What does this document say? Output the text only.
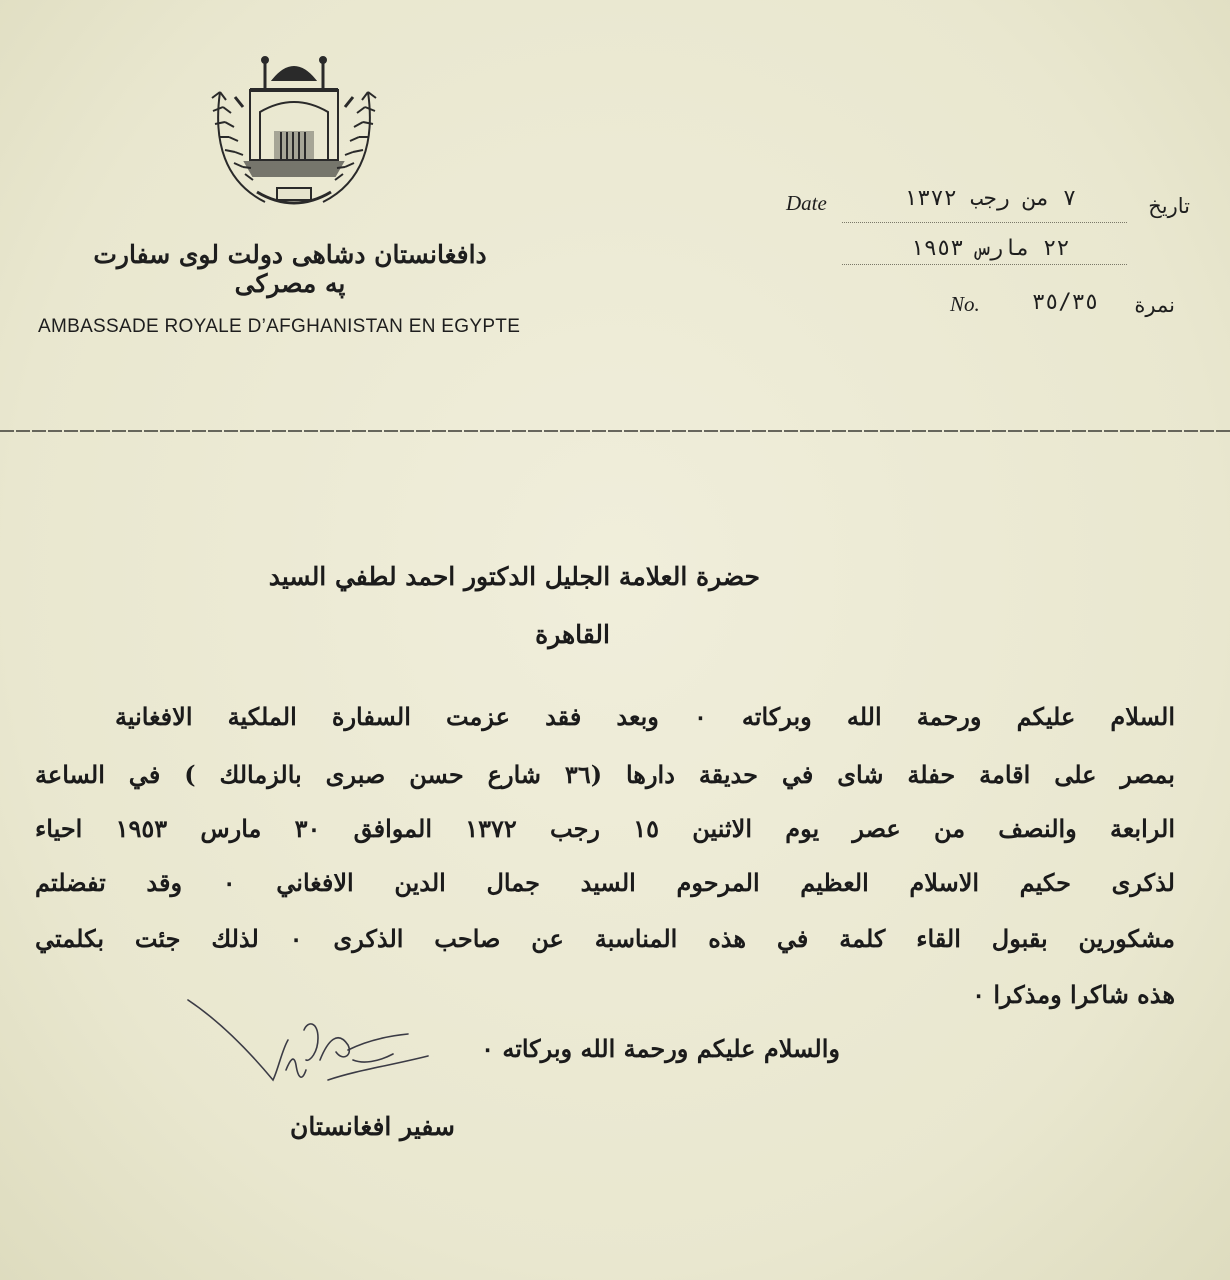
دافغانستان دشاهی دولت لوی سفارت په مصرکی
AMBASSADE ROYALE D’AFGHANISTAN EN EGYPTE
Date	تاريخ
٧ من رجب ١٣٧٢
٢٢ مارس ١٩٥٣
No.	نمرة
٣٥/٣٥
حضرة العلامة الجليل الدكتور احمد لطفي السيد
القاهرة
السلام عليكم ورحمة الله وبركاته ٠ وبعد فقد عزمت السفارة الملكية الافغانية
بمصر على اقامة حفلة شاى في حديقة دارها (٣٦ شارع حسن صبرى بالزمالك ) في الساعة
الرابعة والنصف من عصر يوم الاثنين ١٥ رجب ١٣٧٢ الموافق ٣٠ مارس ١٩٥٣ احياء
لذكرى حكيم الاسلام العظيم المرحوم السيد جمال الدين الافغاني ٠ وقد تفضلتم
مشكورين بقبول القاء كلمة في هذه المناسبة عن صاحب الذكرى ٠ لذلك جئت بكلمتي
هذه شاكرا ومذكرا ٠
والسلام عليكم ورحمة الله وبركاته ٠
سفير افغانستان
